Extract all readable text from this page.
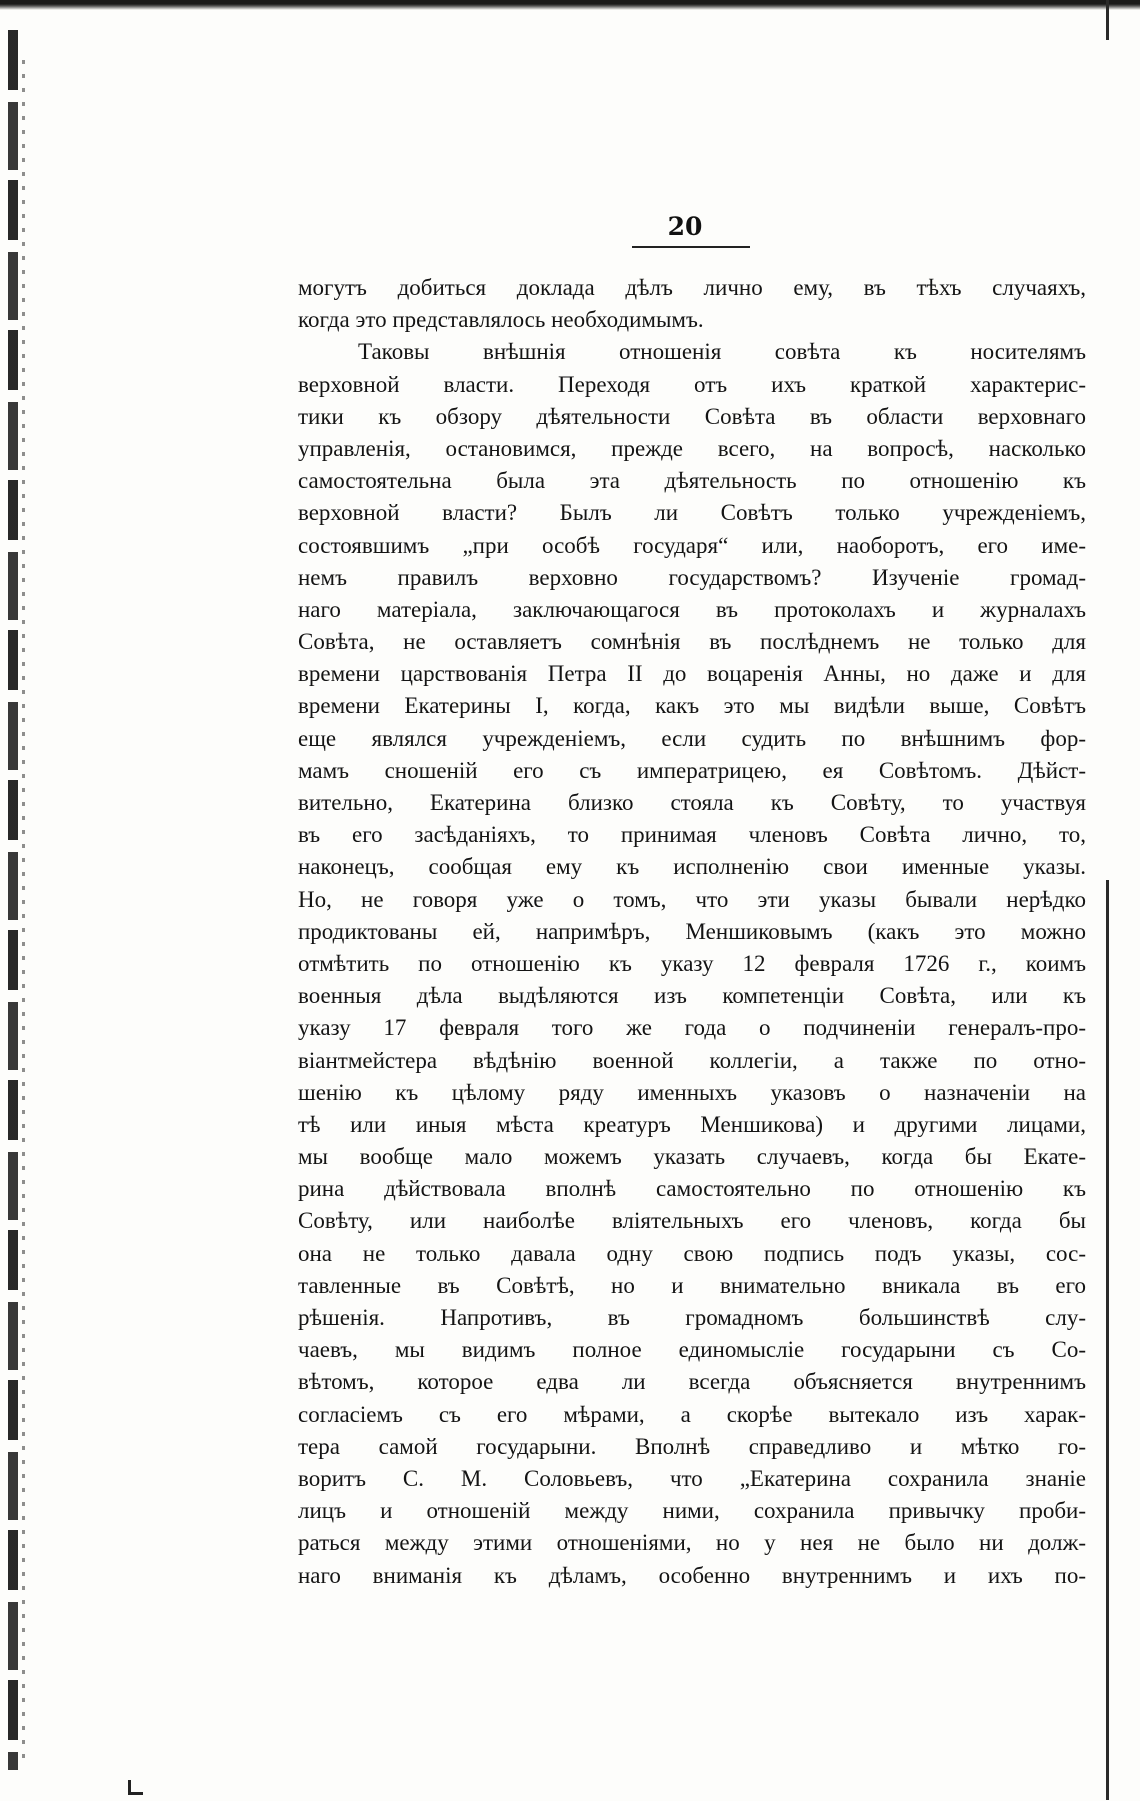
20
могутъ добиться доклада дѣлъ лично ему, въ тѣхъ случаяхъ,
когда это представлялось необходимымъ.
Таковы внѣшнія отношенія совѣта къ носителямъ
верховной власти. Переходя отъ ихъ краткой характерис-
тики къ обзору дѣятельности Совѣта въ области верховнаго
управленія, остановимся, прежде всего, на вопросѣ, насколько
самостоятельна была эта дѣятельность по отношенію къ
верховной власти? Былъ ли Совѣтъ только учрежденіемъ,
состоявшимъ „при особѣ государя“ или, наоборотъ, его име-
немъ правилъ верховно государствомъ? Изученіе громад-
наго матеріала, заключающагося въ протоколахъ и журналахъ
Совѣта, не оставляетъ сомнѣнія въ послѣднемъ не только для
времени царствованія Петра II до воцаренія Анны, но даже и для
времени Екатерины I, когда, какъ это мы видѣли выше, Совѣтъ
еще являлся учрежденіемъ, если судить по внѣшнимъ фор-
мамъ сношеній его съ императрицею, ея Совѣтомъ. Дѣйст-
вительно, Екатерина близко стояла къ Совѣту, то участвуя
въ его засѣданіяхъ, то принимая членовъ Совѣта лично, то,
наконецъ, сообщая ему къ исполненію свои именные указы.
Но, не говоря уже о томъ, что эти указы бывали нерѣдко
продиктованы ей, напримѣръ, Меншиковымъ (какъ это можно
отмѣтить по отношенію къ указу 12 февраля 1726 г., коимъ
военныя дѣла выдѣляются изъ компетенціи Совѣта, или къ
указу 17 февраля того же года о подчиненіи генералъ-про-
віантмейстера вѣдѣнію военной коллегіи, а также по отно-
шенію къ цѣлому ряду именныхъ указовъ о назначеніи на
тѣ или иныя мѣста креатуръ Меншикова) и другими лицами,
мы вообще мало можемъ указать случаевъ, когда бы Екате-
рина дѣйствовала вполнѣ самостоятельно по отношенію къ
Совѣту, или наиболѣе вліятельныхъ его членовъ, когда бы
она не только давала одну свою подпись подъ указы, сос-
тавленные въ Совѣтѣ, но и внимательно вникала въ его
рѣшенія. Напротивъ, въ громадномъ большинствѣ слу-
чаевъ, мы видимъ полное единомысліе государыни съ Со-
вѣтомъ, которое едва ли всегда объясняется внутреннимъ
согласіемъ съ его мѣрами, а скорѣе вытекало изъ харак-
тера самой государыни. Вполнѣ справедливо и мѣтко го-
воритъ С. М. Соловьевъ, что „Екатерина сохранила знаніе
лицъ и отношеній между ними, сохранила привычку проби-
раться между этими отношеніями, но у нея не было ни долж-
наго вниманія къ дѣламъ, особенно внутреннимъ и ихъ по-
